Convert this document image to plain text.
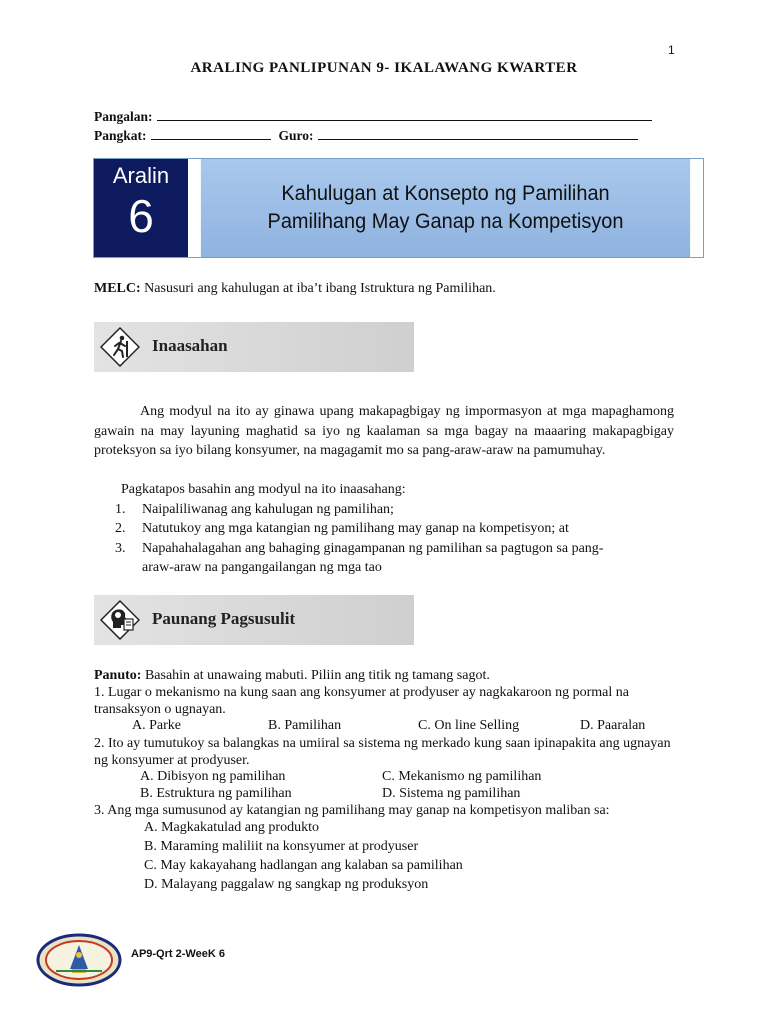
1
ARALING PANLIPUNAN 9- IKALAWANG KWARTER
Pangalan:
Pangkat:	Guro:
Aralin
6	Kahulugan at Konsepto ng Pamilihan
Pamilihang May Ganap na Kompetisyon
MELC: Nasusuri ang kahulugan at iba’t ibang Istruktura ng Pamilihan.
Inaasahan
Ang modyul na ito ay ginawa upang makapagbigay ng impormasyon at mga mapaghamong gawain na may layuning maghatid sa iyo ng kaalaman sa mga bagay na maaaring makapagbigay proteksyon sa iyo bilang konsyumer, na magagamit mo sa pang-araw-araw na pamumuhay.
Pagkatapos basahin ang modyul na ito inaasahang:
1. Naipaliliwanag ang kahulugan ng pamilihan;
2. Natutukoy ang mga katangian ng pamilihang may ganap na kompetisyon; at
3. Napahahalagahan ang bahaging ginagampanan ng pamilihan sa pagtugon sa pang-araw-araw na pangangailangan ng mga tao
Paunang Pagsusulit
Panuto: Basahin at unawaing mabuti. Piliin ang titik ng tamang sagot.
1. Lugar o mekanismo na kung saan ang konsyumer at prodyuser ay nagkakaroon ng pormal na transaksyon o ugnayan.
A. Parke	B. Pamilihan	C. On line Selling	D. Paaralan
2. Ito ay tumutukoy sa balangkas na umiiral sa sistema ng merkado kung saan ipinapakita ang ugnayan ng konsyumer at prodyuser.
A. Dibisyon ng pamilihan	C. Mekanismo ng pamilihan
B. Estruktura ng pamilihan	D. Sistema ng pamilihan
3. Ang mga sumusunod ay katangian ng pamilihang may ganap na kompetisyon maliban sa:
A. Magkakatulad ang produkto
B. Maraming maliliit na konsyumer at prodyuser
C. May kakayahang hadlangan ang kalaban sa pamilihan
D. Malayang paggalaw ng sangkap ng produksyon
AP9-Qrt 2-WeeK 6
